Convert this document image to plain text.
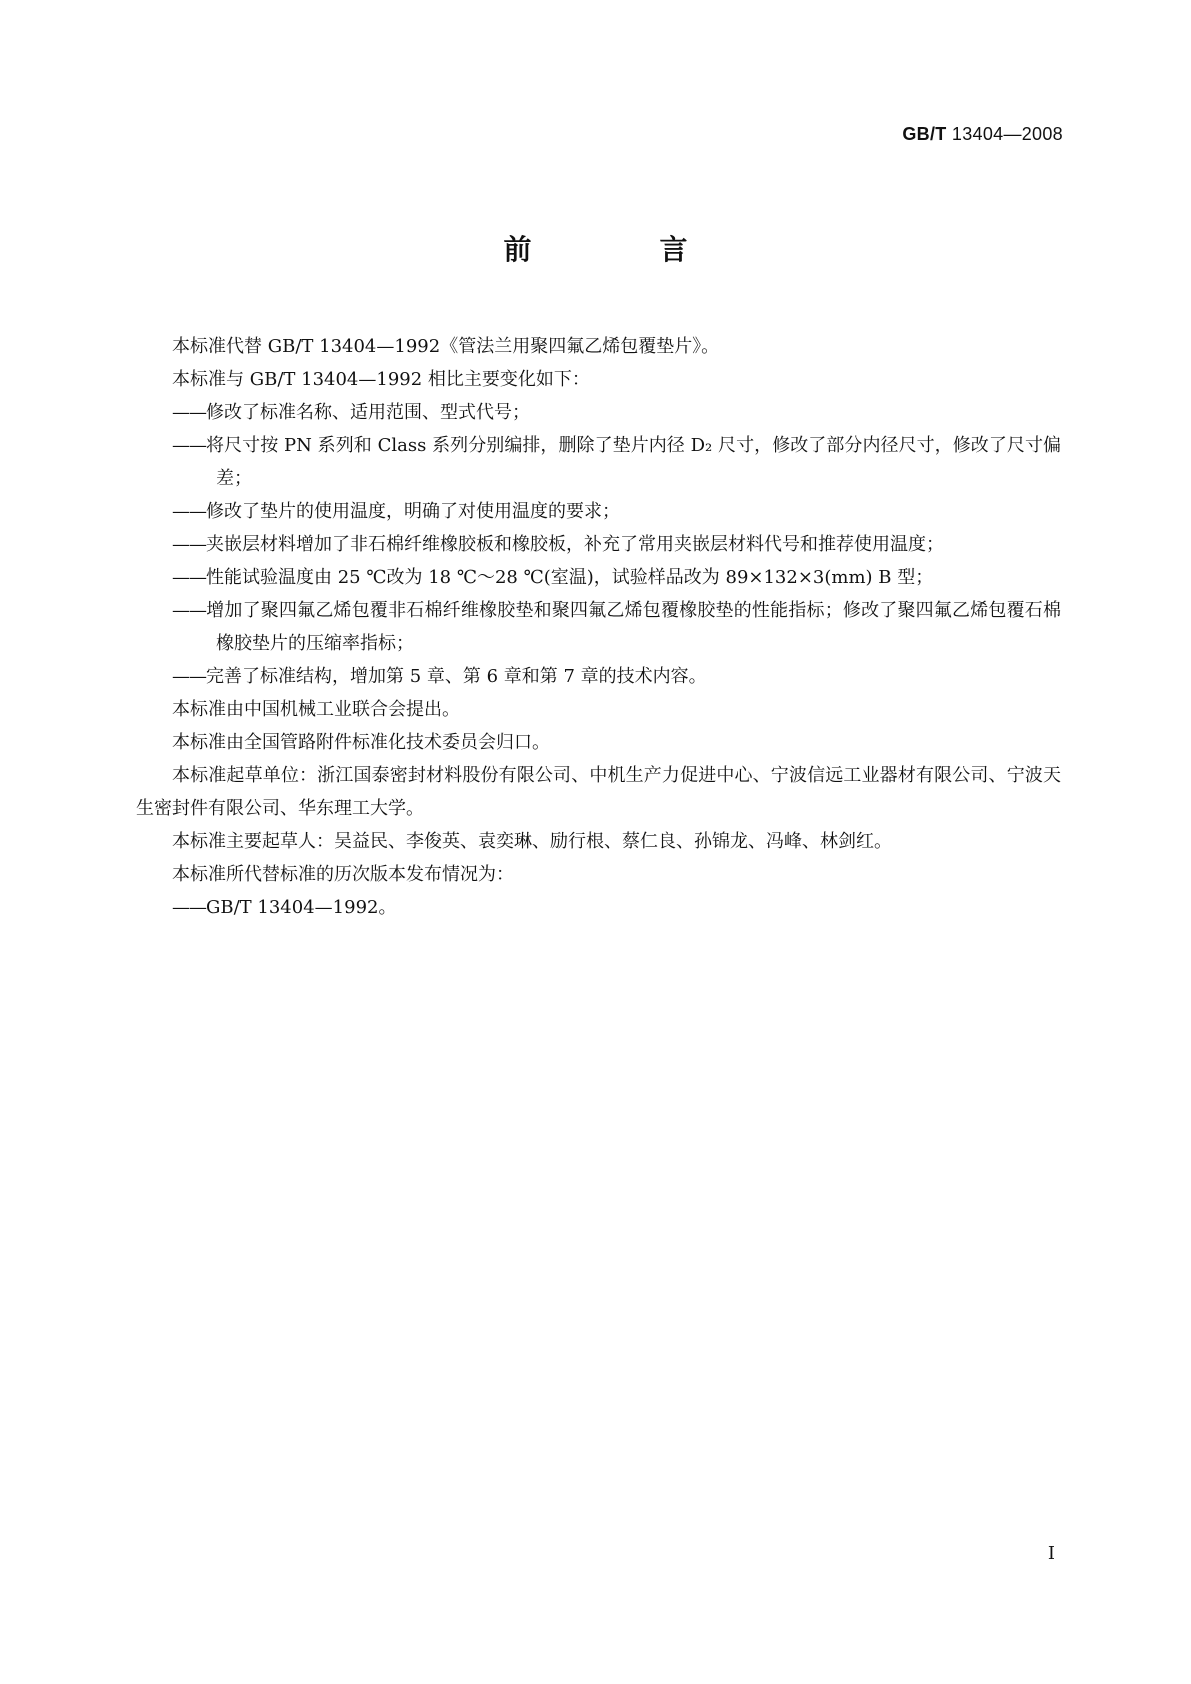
GB/T 13404—2008
前　言

本标准代替 GB/T 13404—1992《管法兰用聚四氟乙烯包覆垫片》。

本标准与 GB/T 13404—1992 相比主要变化如下：

——修改了标准名称、适用范围、型式代号；

——将尺寸按 PN 系列和 Class 系列分别编排，删除了垫片内径 D₂ 尺寸，修改了部分内径尺寸，修改了尺寸偏差；

——修改了垫片的使用温度，明确了对使用温度的要求；

——夹嵌层材料增加了非石棉纤维橡胶板和橡胶板，补充了常用夹嵌层材料代号和推荐使用温度；

——性能试验温度由 25 ℃改为 18 ℃～28 ℃(室温)，试验样品改为 89×132×3(mm) B 型；

——增加了聚四氟乙烯包覆非石棉纤维橡胶垫和聚四氟乙烯包覆橡胶垫的性能指标；修改了聚四氟乙烯包覆石棉橡胶垫片的压缩率指标；

——完善了标准结构，增加第 5 章、第 6 章和第 7 章的技术内容。

本标准由中国机械工业联合会提出。

本标准由全国管路附件标准化技术委员会归口。

本标准起草单位：浙江国泰密封材料股份有限公司、中机生产力促进中心、宁波信远工业器材有限公司、宁波天生密封件有限公司、华东理工大学。

本标准主要起草人：吴益民、李俊英、袁奕琳、励行根、蔡仁良、孙锦龙、冯峰、林剑红。

本标准所代替标准的历次版本发布情况为：

——GB/T 13404—1992。

Ⅰ
